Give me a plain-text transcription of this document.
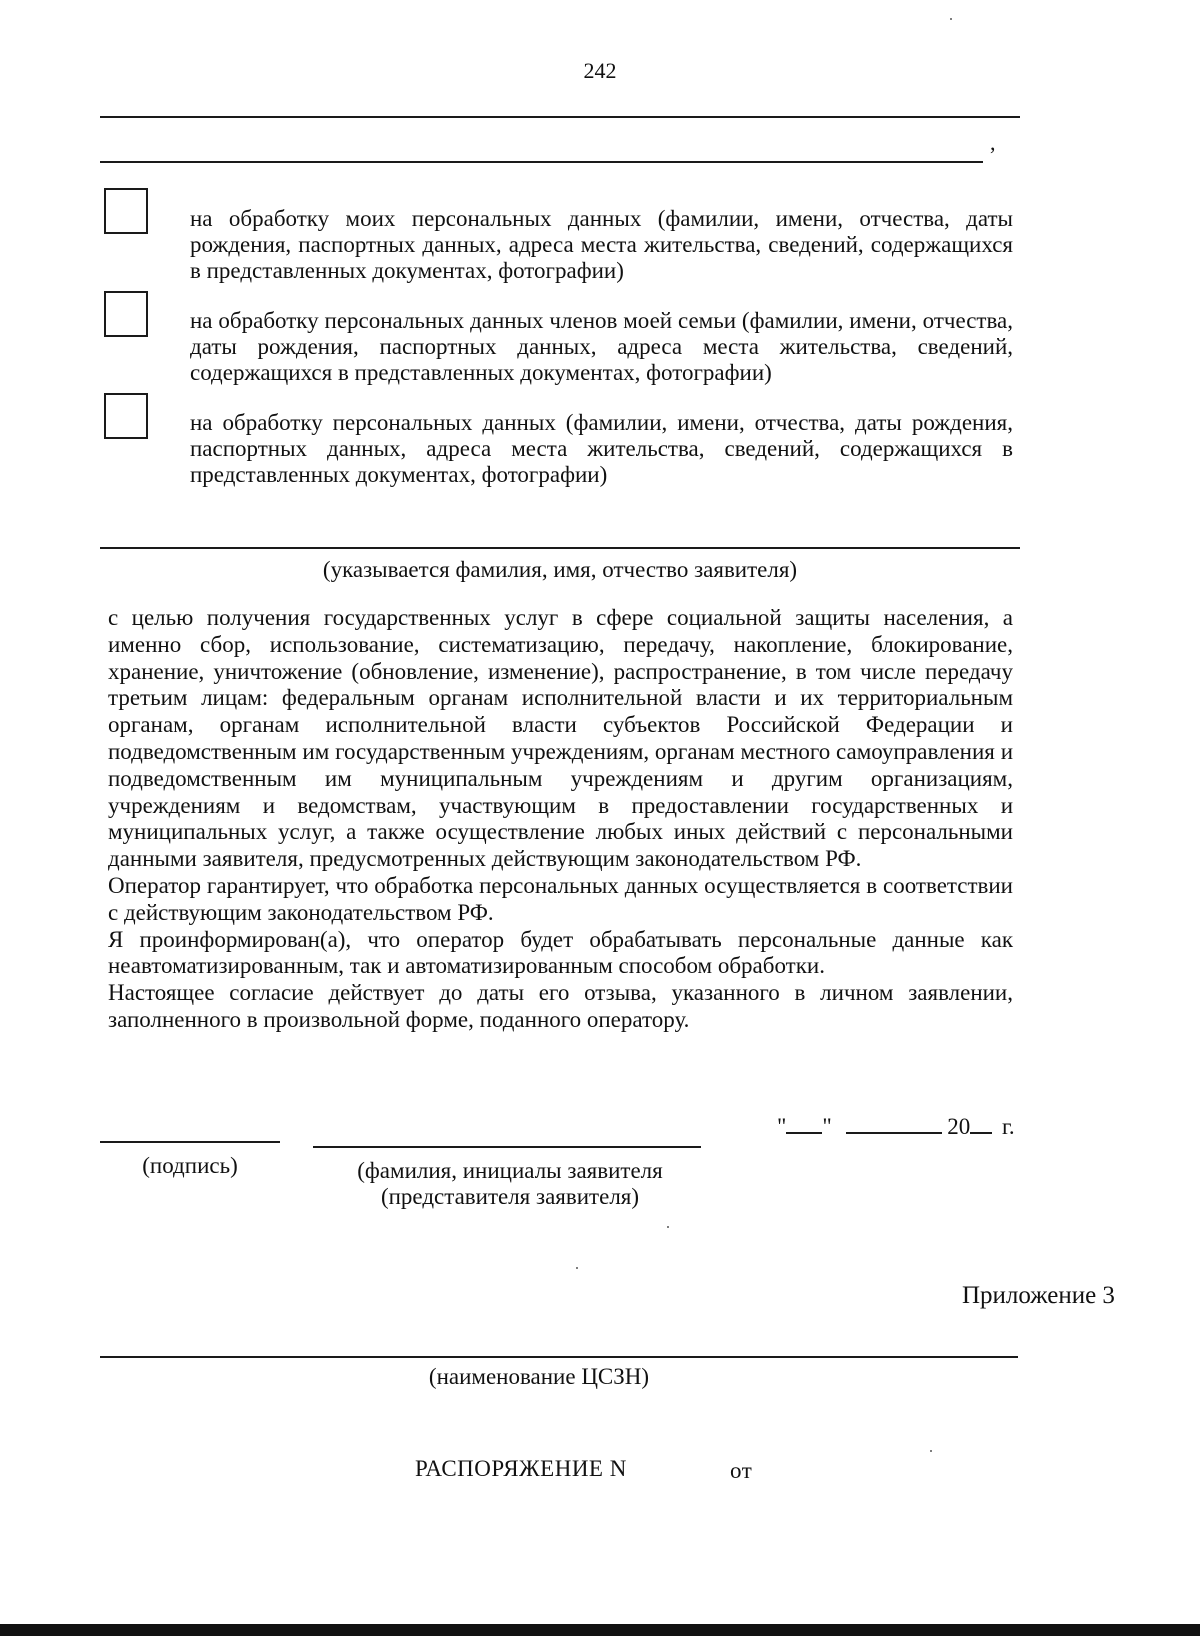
242
,
на обработку моих персональных данных (фамилии, имени, отчества, даты рождения, паспортных данных, адреса места жительства, сведений, содержащихся в представленных документах, фотографии)
на обработку персональных данных членов моей семьи (фамилии, имени, отчества, даты рождения, паспортных данных, адреса места жительства, сведений, содержащихся в представленных документах, фотографии)
на обработку персональных данных (фамилии, имени, отчества, даты рождения, паспортных данных, адреса места жительства, сведений, содержащихся в представленных документах, фотографии)
(указывается фамилия, имя, отчество заявителя)

с целью получения государственных услуг в сфере социальной защиты населения, а именно сбор, использование, систематизацию, передачу, накопление, блокирование, хранение, уничтожение (обновление, изменение), распространение, в том числе передачу третьим лицам: федеральным органам исполнительной власти и их территориальным органам, органам исполнительной власти субъектов Российской Федерации и подведомственным им государственным учреждениям, органам местного самоуправления и подведомственным им муниципальным учреждениям и другим организациям, учреждениям и ведомствам, участвующим в предоставлении государственных и муниципальных услуг, а также осуществление любых иных действий с персональными данными заявителя, предусмотренных действующим законодательством РФ.

Оператор гарантирует, что обработка персональных данных осуществляется в соответствии с действующим законодательством РФ.

Я проинформирован(а), что оператор будет обрабатывать персональные данные как неавтоматизированным, так и автоматизированным способом обработки.

Настоящее согласие действует до даты его отзыва, указанного в личном заявлении, заполненного в произвольной форме, поданного оператору.

" "	20 г.
(подпись)	(фамилия, инициалы заявителя
(представителя заявителя)
Приложение 3
(наименование ЦСЗН)
РАСПОРЯЖЕНИЕ N	от
